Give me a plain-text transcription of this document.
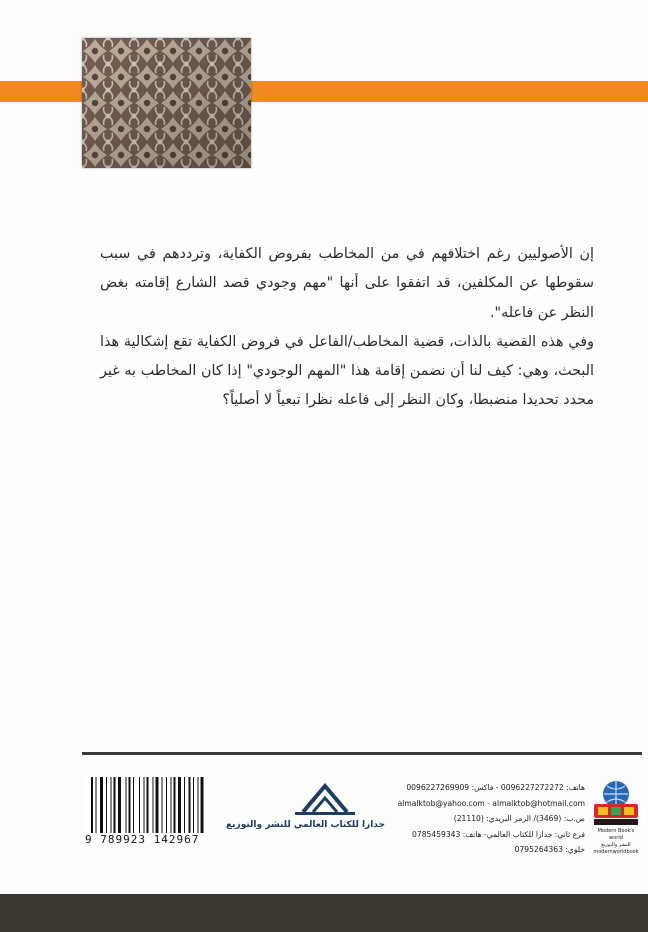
إن الأصوليين رغم اختلافهم في من المخاطب بفروض الكفاية، وترددهم في سبب سقوطها عن المكلفين، قد اتفقوا على أنها "مهم وجودي قصد الشارع إقامته بغض النظر عن فاعله".

وفي هذه القضية بالذات، قضية المخاطب/الفاعل في فروض الكفاية تقع إشكالية هذا البحث، وهي: كيف لنا أن نضمن إقامة هذا "المهم الوجودي" إذا كان المخاطب به غير محدد تحديدا منضبطا، وكان النظر إلى فاعله نظرا تبعياً لا أصلياً؟

9 789923 142967
جدارا للكتاب العالمي للنشر والتوزيع
هاتف: 0096227272272 - فاكس: 0096227269909
almalktob@yahoo.com - almalktob@hotmail.com
ص.ب: (3469)/ الرمز البريدي: (21110)
فرع ثاني: جدارا للكتاب العالمي- هاتف: 0785459343
خلوي: 0795264363
Modern Book's world
للنشر والتوزيع
modernworldbook
